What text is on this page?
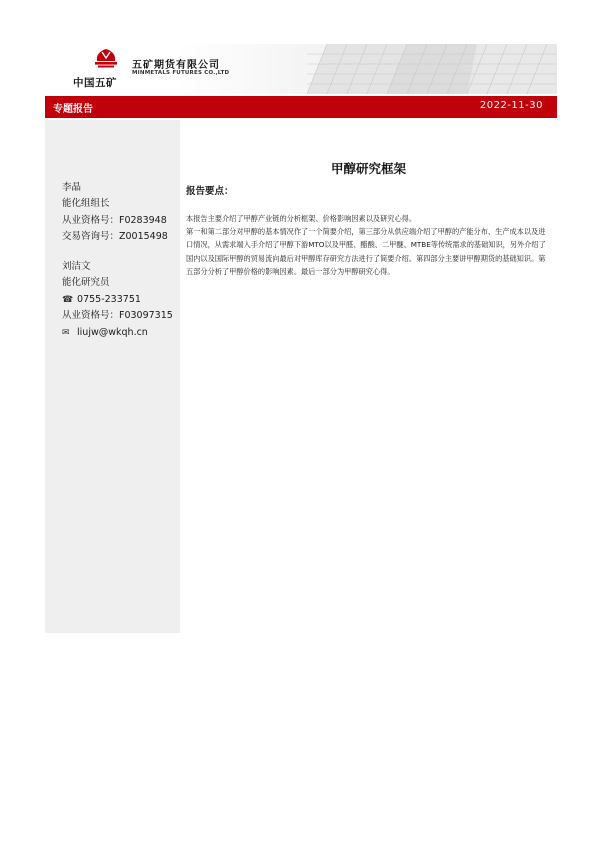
中国五矿
五矿期货有限公司
MINMETALS FUTURES CO.,LTD
专题报告	2022-11-30
李晶
能化组组长
从业资格号：F0283948
交易咨询号：Z0015498
刘洁文
能化研究员
☎ 0755-233751
从业资格号：F03097315
✉ liujw@wkqh.cn
甲醇研究框架
报告要点：

本报告主要介绍了甲醇产业链的分析框架、价格影响因素以及研究心得。

第一和第二部分对甲醇的基本情况作了一个简要介绍，第三部分从供应端介绍了甲醇的产能分布、生产成本以及进口情况，从需求端入手介绍了甲醇下游MTO以及甲醛、醋酸、二甲醚、MTBE等传统需求的基础知识，另外介绍了国内以及国际甲醇的贸易流向最后对甲醇库存研究方法进行了简要介绍。第四部分主要讲甲醇期货的基础知识。第五部分分析了甲醇价格的影响因素。最后一部分为甲醇研究心得。
